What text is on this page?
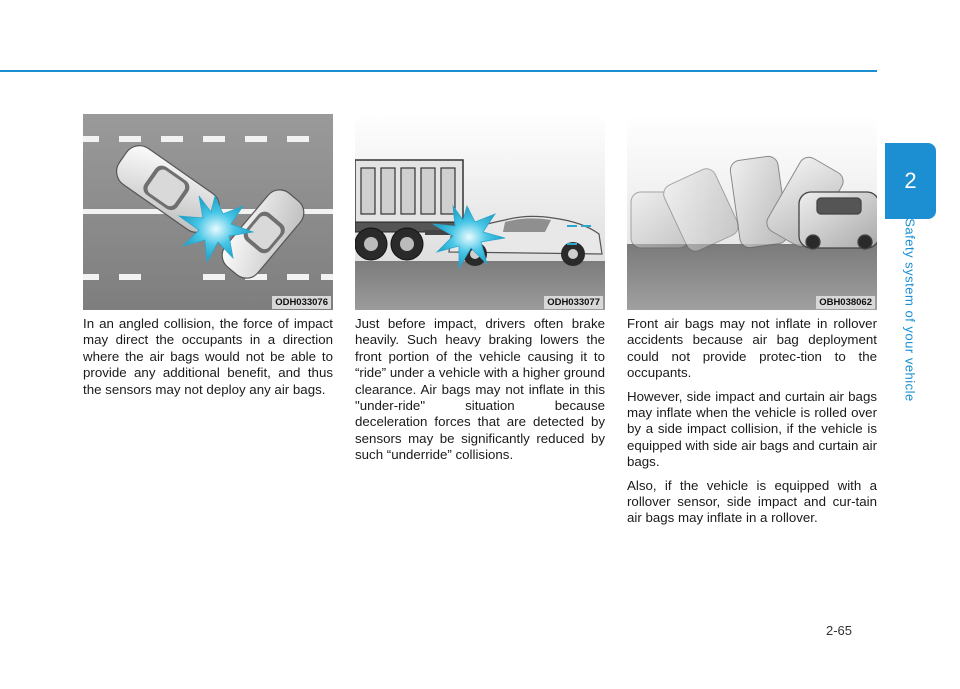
2
Safety system of your vehicle
ODH033076

In an angled collision, the force of impact may direct the occupants in a direction where the air bags would not be able to provide any additional benefit, and thus the sensors may not deploy any air bags.

ODH033077

Just before impact, drivers often brake heavily. Such heavy braking lowers the front portion of the vehicle causing it to “ride” under a vehicle with a higher ground clearance. Air bags may not inflate in this "under-ride" situation because deceleration forces that are detected by sensors may be significantly reduced by such “underride” collisions.

OBH038062

Front air bags may not inflate in rollover accidents because air bag deployment could not provide protec-tion to the occupants.

However, side impact and curtain air bags may inflate when the vehicle is rolled over by a side impact collision, if the vehicle is equipped with side air bags and curtain air bags.

Also, if the vehicle is equipped with a rollover sensor, side impact and cur-tain air bags may inflate in a rollover.

2-65
